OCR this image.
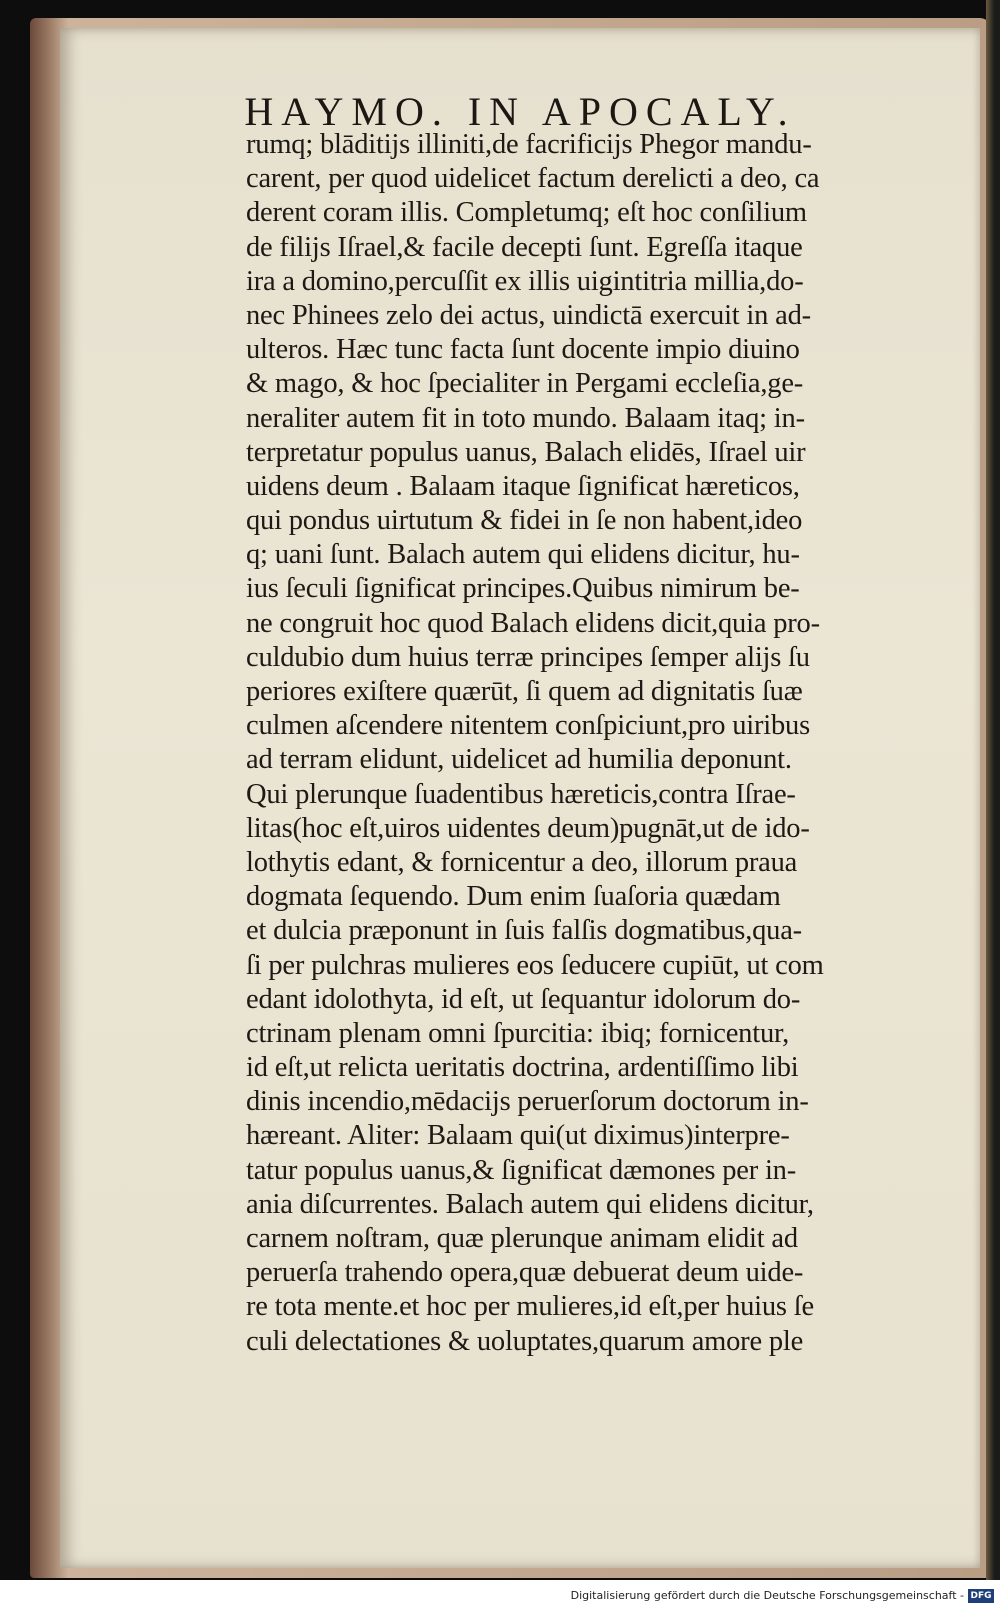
HAYMO. IN APOCALY.
rumq; blāditijs illiniti,de facrificijs Phegor mandu-
carent, per quod uidelicet factum derelicti a deo, ca
derent coram illis. Completumq; eſt hoc conſilium
de filijs Iſrael,& facile decepti ſunt. Egreſſa itaque
ira a domino,percuſſit ex illis uigintitria millia,do-
nec Phinees zelo dei actus, uindictā exercuit in ad-
ulteros. Hæc tunc facta ſunt docente impio diuino
& mago, & hoc ſpecialiter in Pergami eccleſia,ge-
neraliter autem fit in toto mundo. Balaam itaq; in-
terpretatur populus uanus, Balach elidēs, Iſrael uir
uidens deum . Balaam itaque ſignificat hæreticos,
qui pondus uirtutum & fidei in ſe non habent,ideo
q; uani ſunt. Balach autem qui elidens dicitur, hu-
ius ſeculi ſignificat principes.Quibus nimirum be-
ne congruit hoc quod Balach elidens dicit,quia pro-
culdubio dum huius terræ principes ſemper alijs ſu
periores exiſtere quærūt, ſi quem ad dignitatis ſuæ
culmen aſcendere nitentem conſpiciunt,pro uiribus
ad terram elidunt, uidelicet ad humilia deponunt.
Qui plerunque ſuadentibus hæreticis,contra Iſrae-
litas(hoc eſt,uiros uidentes deum)pugnāt,ut de ido-
lothytis edant, & fornicentur a deo, illorum praua
dogmata ſequendo. Dum enim ſuaſoria quædam
et dulcia præponunt in ſuis falſis dogmatibus,qua-
ſi per pulchras mulieres eos ſeducere cupiūt, ut com
edant idolothyta, id eſt, ut ſequantur idolorum do-
ctrinam plenam omni ſpurcitia: ibiq; fornicentur,
id eſt,ut relicta ueritatis doctrina, ardentiſſimo libi
dinis incendio,mēdacijs peruerſorum doctorum in-
hæreant. Aliter: Balaam qui(ut diximus)interpre-
tatur populus uanus,& ſignificat dæmones per in-
ania diſcurrentes. Balach autem qui elidens dicitur,
carnem noſtram, quæ plerunque animam elidit ad
peruerſa trahendo opera,quæ debuerat deum uide-
re tota mente.et hoc per mulieres,id eſt,per huius ſe
culi delectationes & uoluptates,quarum amore ple
Digitalisierung gefördert durch die Deutsche Forschungsgemeinschaft - DFG
